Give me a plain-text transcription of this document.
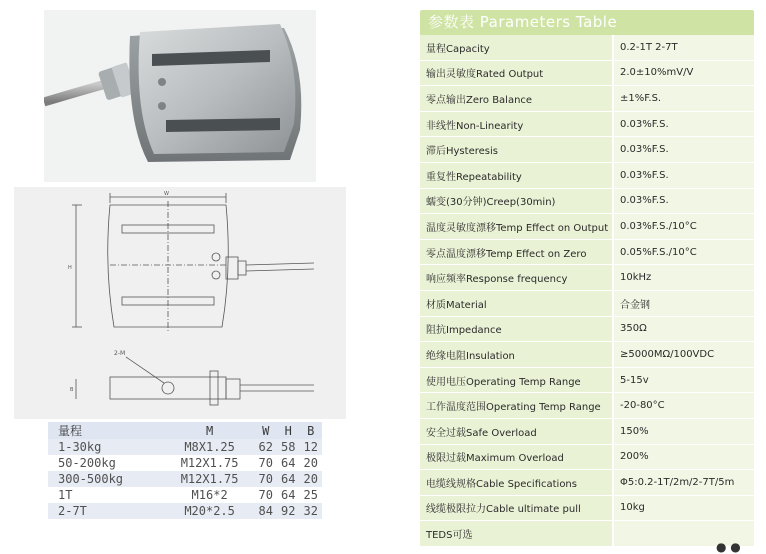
W
H
2-M
B
量程	M	W	H	B
1-30kg	M8X1.25	62	58	12
50-200kg	M12X1.75	70	64	20
300-500kg	M12X1.75	70	64	20
1T	M16*2	70	64	25
2-7T	M20*2.5	84	92	32
参数表 Parameters Table
量程Capacity	0.2-1T 2-7T
输出灵敏度Rated Output	2.0±10%mV/V
零点输出Zero Balance	±1%F.S.
非线性Non-Linearity	0.03%F.S.
滞后Hysteresis	0.03%F.S.
重复性Repeatability	0.03%F.S.
蠕变(30分钟)Creep(30min)	0.03%F.S.
温度灵敏度漂移Temp Effect on Output	0.03%F.S./10°C
零点温度漂移Temp Effect on Zero	0.05%F.S./10°C
响应频率Response frequency	10kHz
材质Material	合金钢
阻抗Impedance	350Ω
绝缘电阻Insulation	≥5000MΩ/100VDC
使用电压Operating Temp Range	5-15v
工作温度范围Operating Temp Range	-20-80°C
安全过载Safe Overload	150%
极限过载Maximum Overload	200%
电缆线规格Cable Specifications	Φ5:0.2-1T/2m/2-7T/5m
线缆极限拉力Cable ultimate pull	10kg
TEDS可选	
● ●
